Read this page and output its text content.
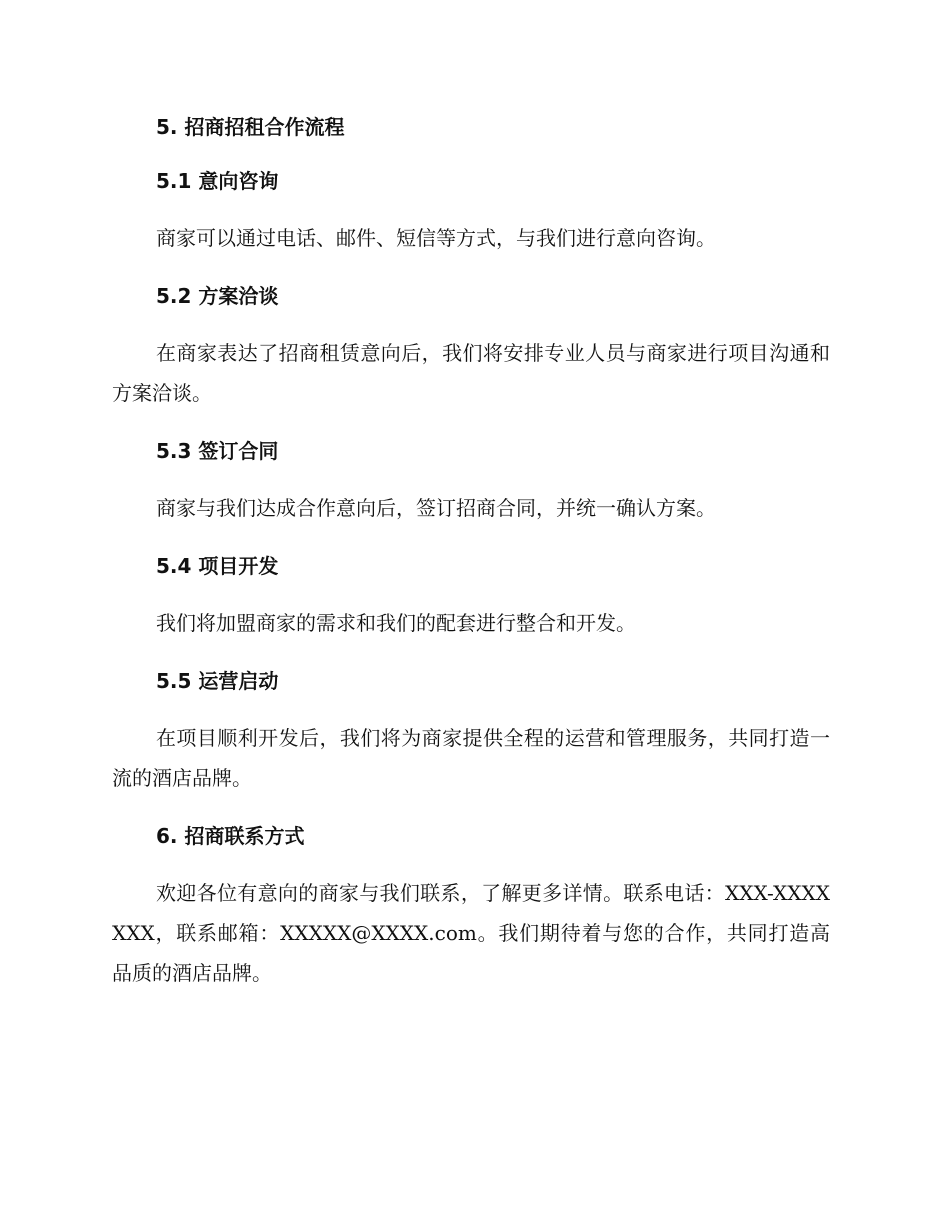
5. 招商招租合作流程
5.1 意向咨询

商家可以通过电话、邮件、短信等方式，与我们进行意向咨询。

5.2 方案洽谈

在商家表达了招商租赁意向后，我们将安排专业人员与商家进行项目沟通和方案洽谈。

5.3 签订合同

商家与我们达成合作意向后，签订招商合同，并统一确认方案。

5.4 项目开发

我们将加盟商家的需求和我们的配套进行整合和开发。

5.5 运营启动

在项目顺利开发后，我们将为商家提供全程的运营和管理服务，共同打造一流的酒店品牌。

6. 招商联系方式

欢迎各位有意向的商家与我们联系，了解更多详情。联系电话：XXX-XXXXXXX，联系邮箱：XXXXX@XXXX.com。我们期待着与您的合作，共同打造高品质的酒店品牌。
